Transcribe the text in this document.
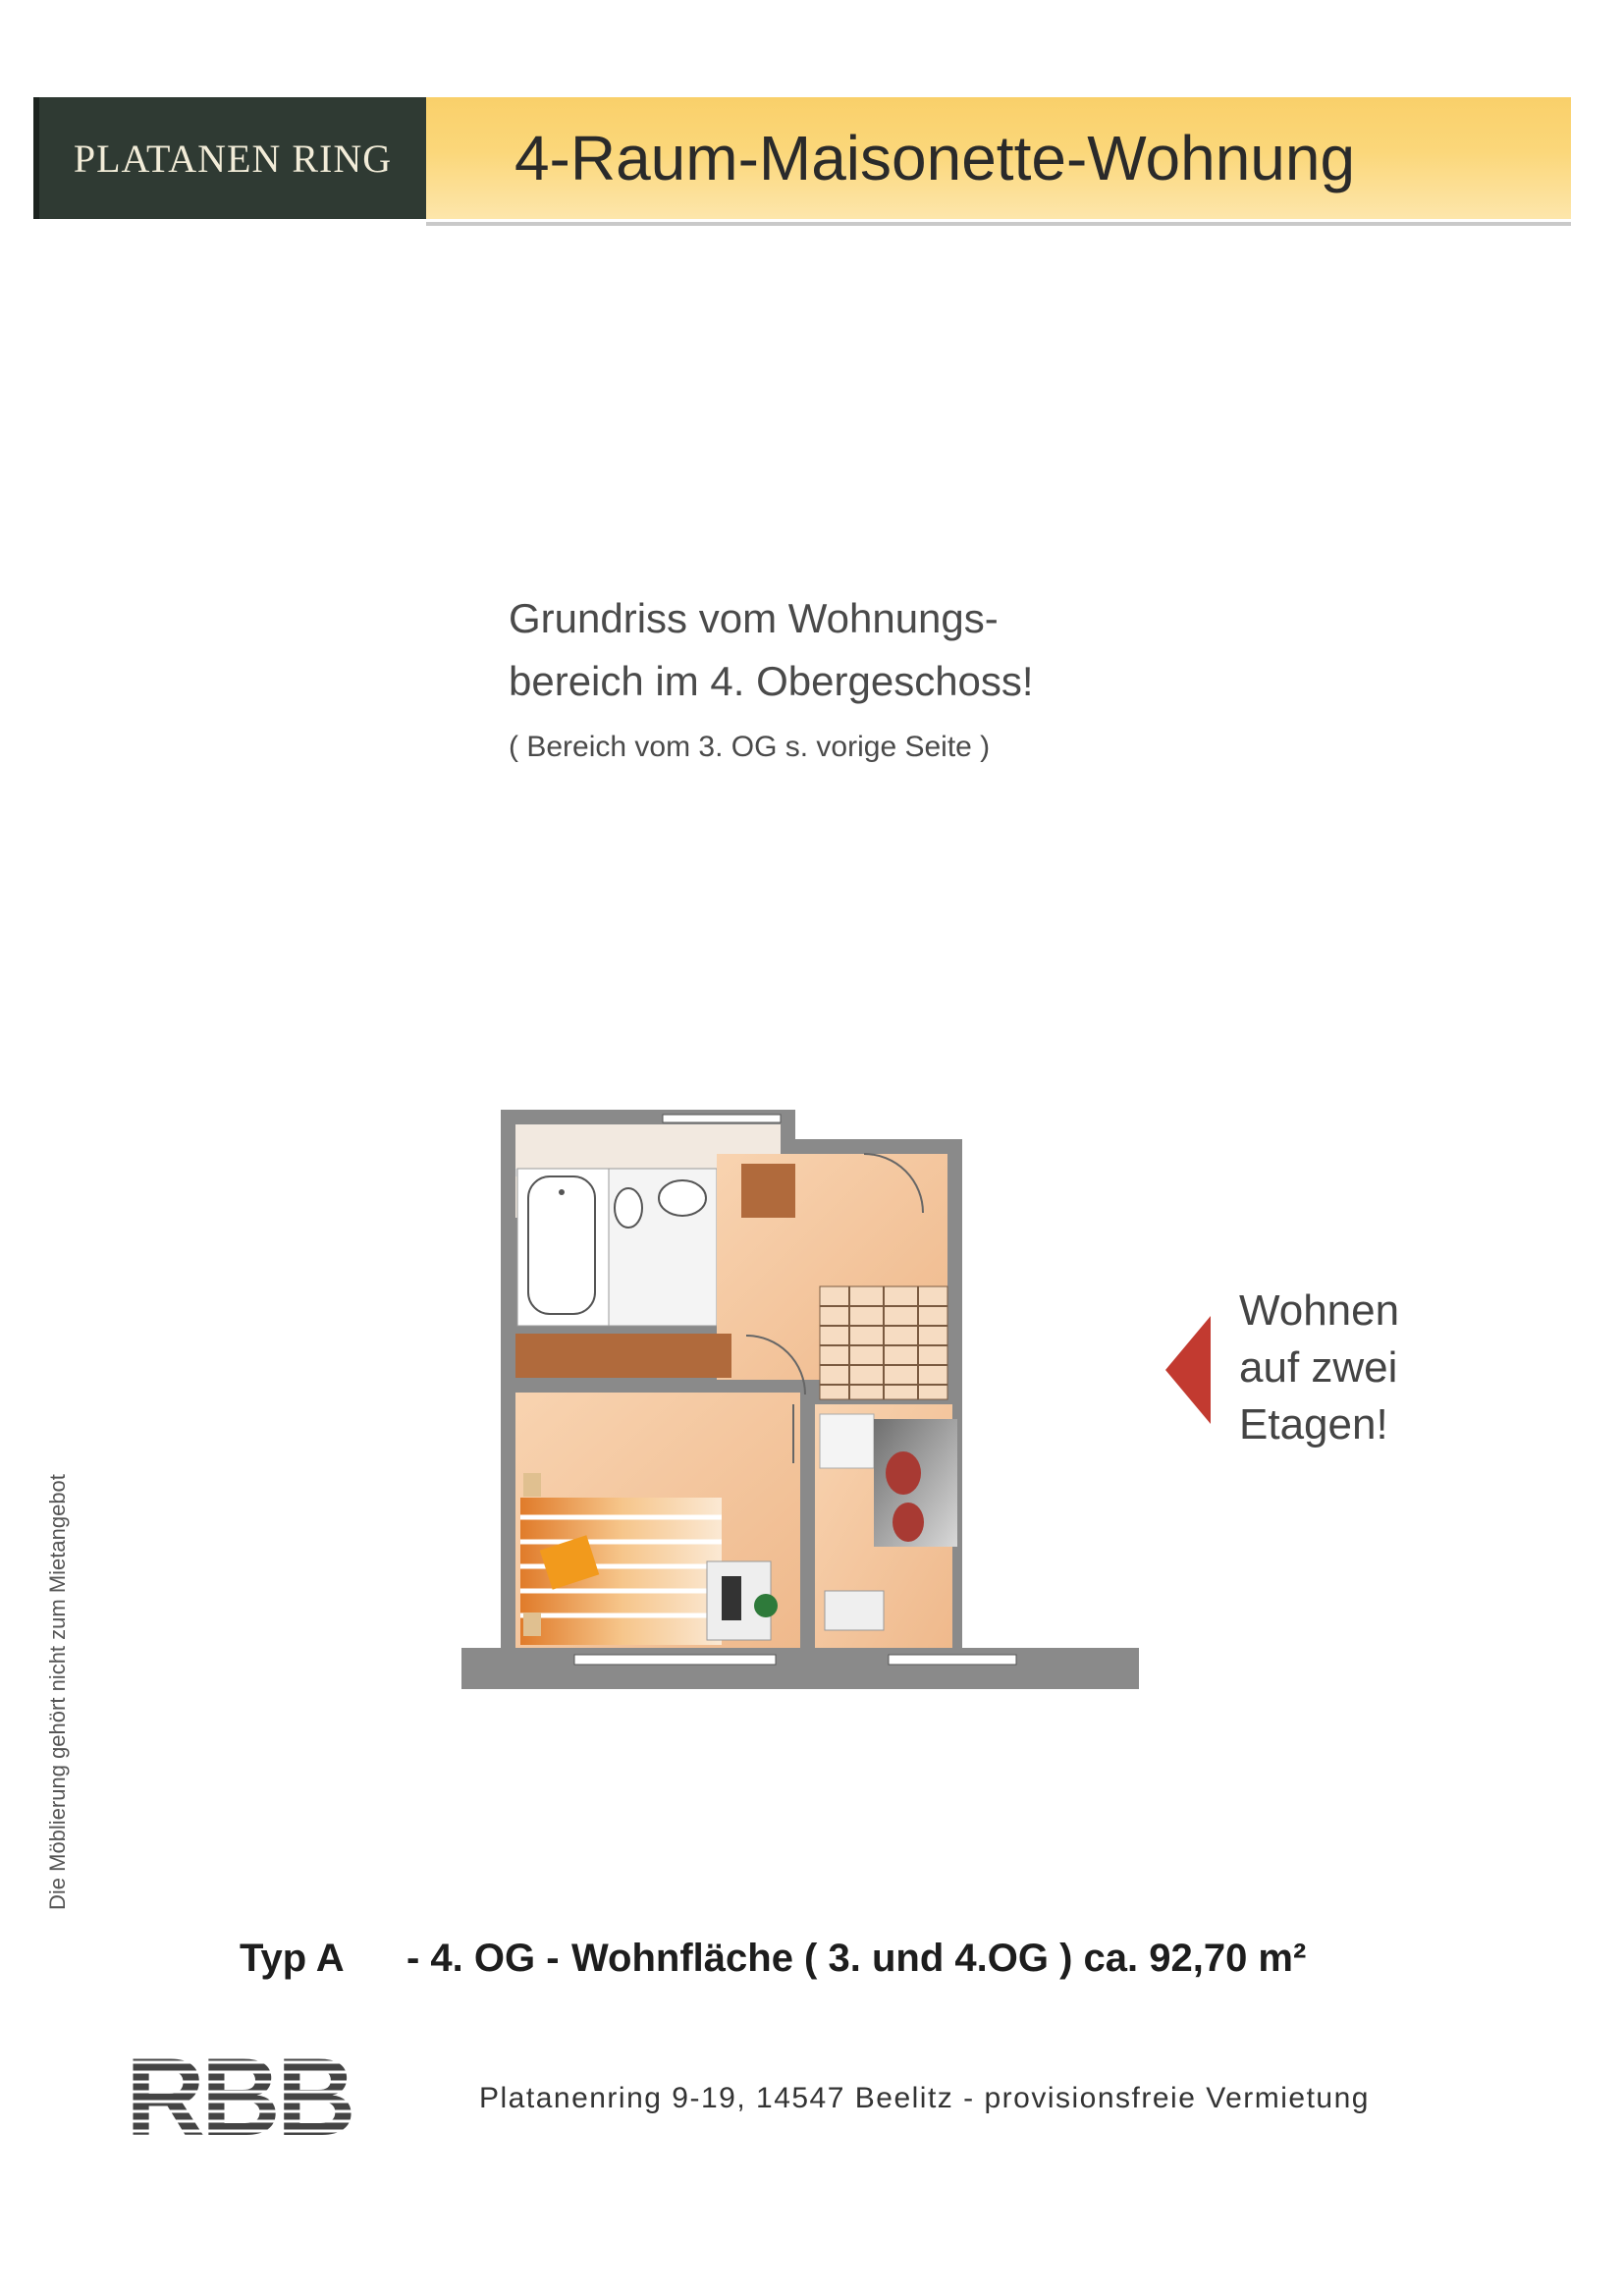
PLATANEN RING	4-Raum-Maisonette-Wohnung
Grundriss vom Wohnungs-
bereich im 4. Obergeschoss!
( Bereich vom 3. OG s. vorige Seite )
Die Möblierung gehört nicht zum Mietangebot
Wohnen
auf zwei
Etagen!
Typ A - 4. OG - Wohnfläche ( 3. und 4.OG ) ca. 92,70 m²
RBB	Platanenring 9-19, 14547 Beelitz - provisionsfreie Vermietung
